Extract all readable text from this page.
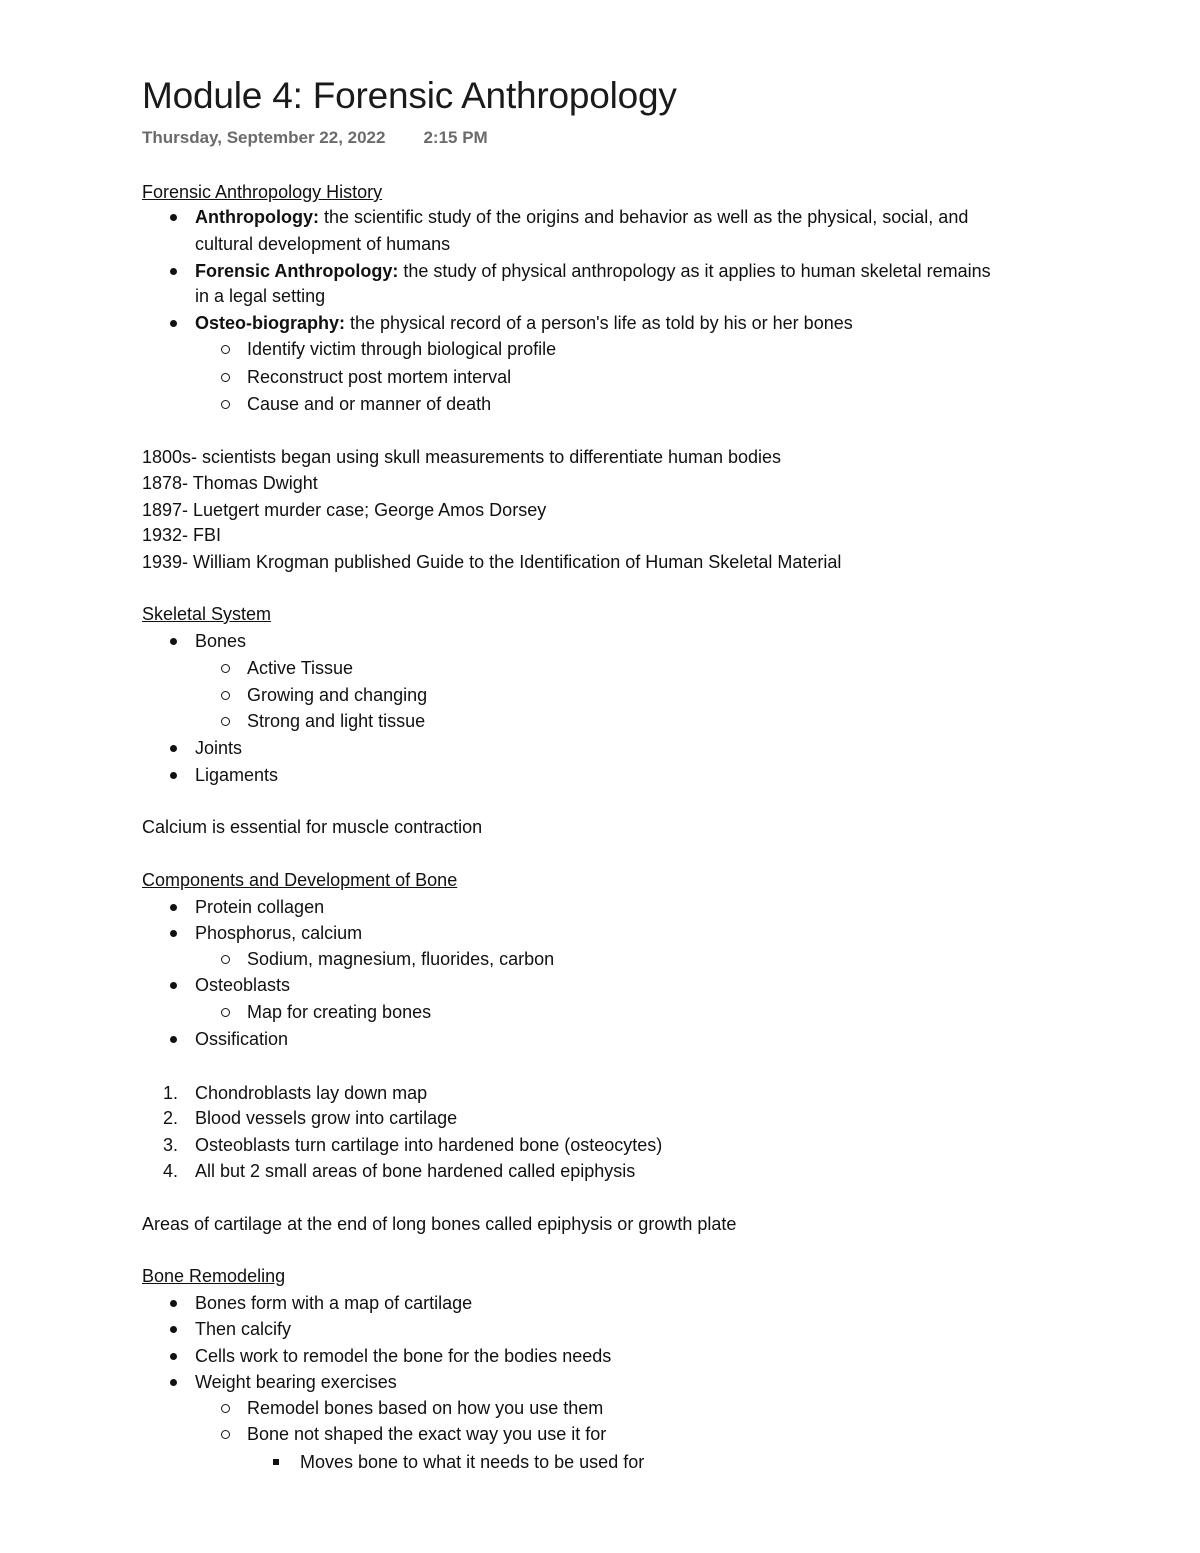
Module 4: Forensic Anthropology
Thursday, September 22, 2022 2:15 PM
Forensic Anthropology History
Anthropology: the scientific study of the origins and behavior as well as the physical, social, and
cultural development of humans
Forensic Anthropology: the study of physical anthropology as it applies to human skeletal remains
in a legal setting
Osteo-biography: the physical record of a person's life as told by his or her bones
Identify victim through biological profile
Reconstruct post mortem interval
Cause and or manner of death
1800s- scientists began using skull measurements to differentiate human bodies
1878- Thomas Dwight
1897- Luetgert murder case; George Amos Dorsey
1932- FBI
1939- William Krogman published Guide to the Identification of Human Skeletal Material
Skeletal System
Bones
Active Tissue
Growing and changing
Strong and light tissue
Joints
Ligaments
Calcium is essential for muscle contraction
Components and Development of Bone
Protein collagen
Phosphorus, calcium
Sodium, magnesium, fluorides, carbon
Osteoblasts
Map for creating bones
Ossification
1. Chondroblasts lay down map
2. Blood vessels grow into cartilage
3. Osteoblasts turn cartilage into hardened bone (osteocytes)
4. All but 2 small areas of bone hardened called epiphysis
Areas of cartilage at the end of long bones called epiphysis or growth plate
Bone Remodeling
Bones form with a map of cartilage
Then calcify
Cells work to remodel the bone for the bodies needs
Weight bearing exercises
Remodel bones based on how you use them
Bone not shaped the exact way you use it for
Moves bone to what it needs to be used for
